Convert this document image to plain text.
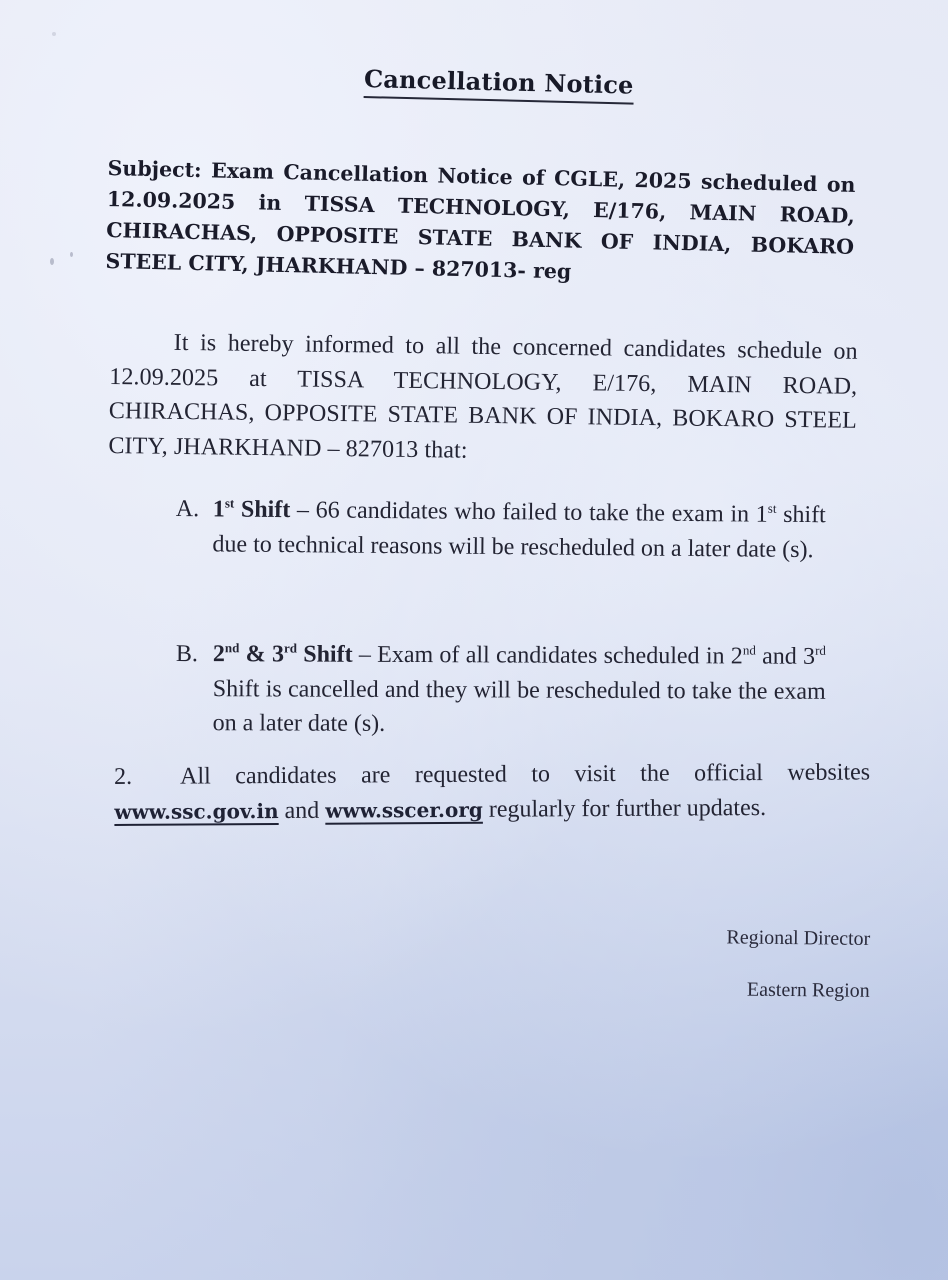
Cancellation Notice
Subject: Exam Cancellation Notice of CGLE, 2025 scheduled on 12.09.2025 in TISSA TECHNOLOGY, E/176, MAIN ROAD, CHIRACHAS, OPPOSITE STATE BANK OF INDIA, BOKARO STEEL CITY, JHARKHAND – 827013- reg
It is hereby informed to all the concerned candidates schedule on 12.09.2025 at TISSA TECHNOLOGY, E/176, MAIN ROAD, CHIRACHAS, OPPOSITE STATE BANK OF INDIA, BOKARO STEEL CITY, JHARKHAND – 827013 that:
A. 1st Shift – 66 candidates who failed to take the exam in 1st shift due to technical reasons will be rescheduled on a later date (s).
B. 2nd & 3rd Shift – Exam of all candidates scheduled in 2nd and 3rd Shift is cancelled and they will be rescheduled to take the exam on a later date (s).
2. All candidates are requested to visit the official websites
www.ssc.gov.in and www.sscer.org regularly for further updates.
Regional Director
Eastern Region
